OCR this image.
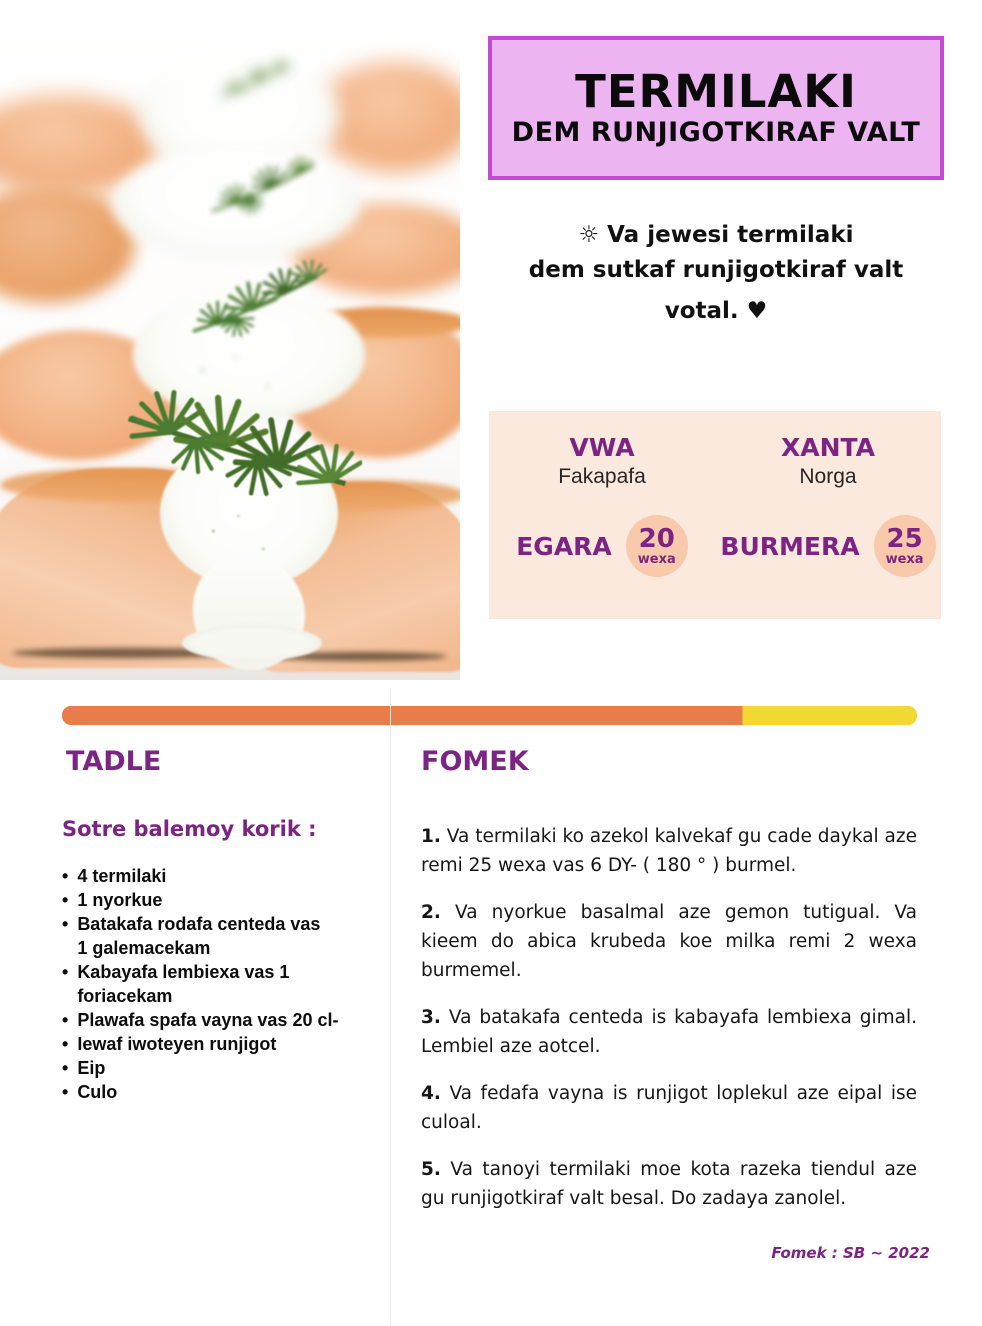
TERMILAKI
DEM RUNJIGOTKIRAF VALT
☼ Va jewesi termilaki
dem sutkaf runjigotkiraf valt
votal. ♥
VWA
Fakapafa
XANTA
Norga
EGARA 20
wexa BURMERA 25
wexa
TADLE
Sotre balemoy korik :
• 4 termilaki
• 1 nyorkue
• Batakafa rodafa centeda vas
1 galemacekam
• Kabayafa lembiexa vas 1 foriacekam
• Plawafa spafa vayna vas 20 cl-
• Iewaf iwoteyen runjigot
• Eip
• Culo
FOMEK

1. Va termilaki ko azekol kalvekaf gu cade daykal aze remi 25 wexa vas 6 DY- ( 180 ° ) burmel.

2. Va nyorkue basalmal aze gemon tutigual. Va kieem do abica krubeda koe milka remi 2 wexa burmemel.

3. Va batakafa centeda is kabayafa lembiexa gimal. Lembiel aze aotcel.

4. Va fedafa vayna is runjigot loplekul aze eipal ise culoal.

5. Va tanoyi termilaki moe kota razeka tiendul aze gu runjigotkiraf valt besal. Do zadaya zanolel.

Fomek : SB ~ 2022
